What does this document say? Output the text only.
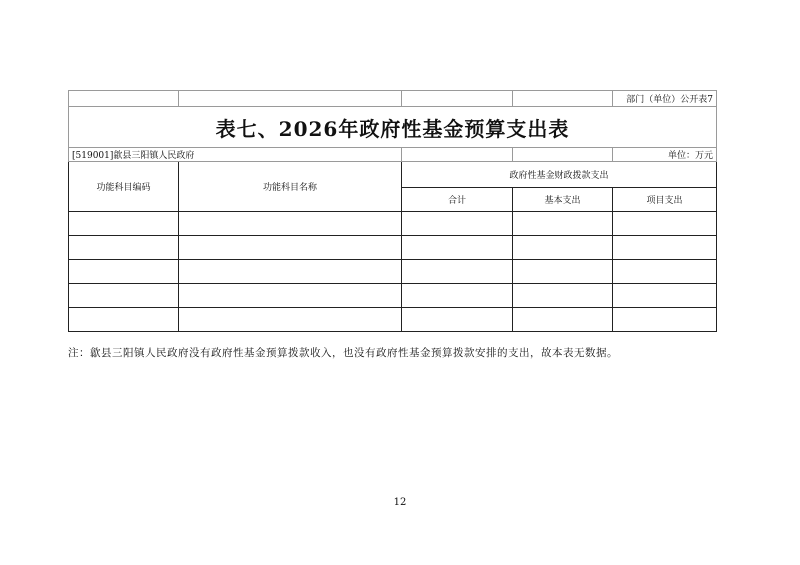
				部门（单位）公开表7
表七、2026年政府性基金预算支出表				
[519001]歙县三阳镇人民政府				单位：万元
功能科目编码	功能科目名称	政府性基金财政拨款支出		
		合计	基本支出	项目支出

注：歙县三阳镇人民政府没有政府性基金预算拨款收入，也没有政府性基金预算拨款安排的支出，故本表无数据。
12
